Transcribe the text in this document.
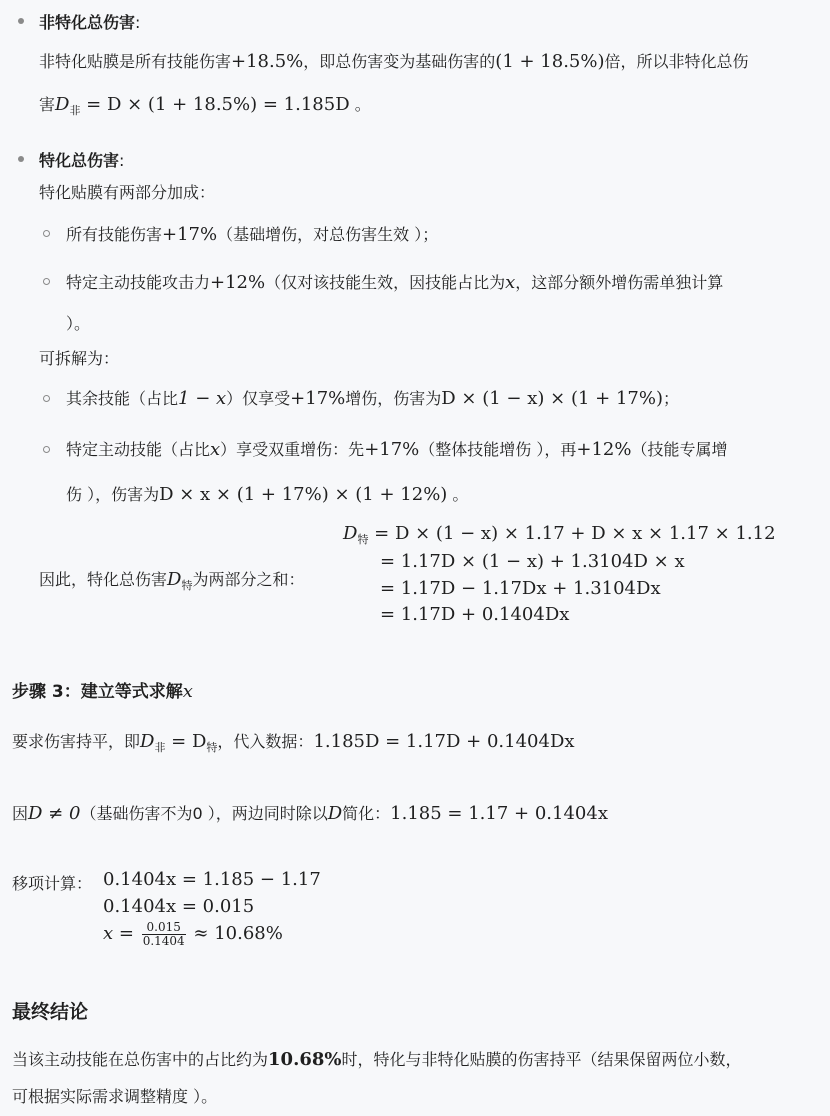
非特化总伤害:
非特化贴膜是所有技能伤害+18.5%，即总伤害变为基础伤害的(1 + 18.5%)倍，所以非特化总伤
害$D_非 = D \times (1 + 18.5\%) = 1.185D$ 。
特化总伤害:
特化贴膜有两部分加成：
所有技能伤害+17%（基础增伤，对总伤害生效 ）；
特定主动技能攻击力+12%（仅对该技能生效，因技能占比为x，这部分额外增伤需单独计算
）。
可拆解为：
其余技能（占比1 − x）仅享受+17%增伤，伤害为D × (1 − x) × (1 + 17%)；
特定主动技能（占比x）享受双重增伤：先+17%（整体技能增伤 ），再+12%（技能专属增
伤 ），伤害为D × x × (1 + 17%) × (1 + 12%) 。
因此，特化总伤害$D_特$为两部分之和：
$D_特 = D \times (1 - x) \times 1.17 + D \times x \times 1.17 \times 1.12$
= 1.17D × (1 − x) + 1.3104D × x
= 1.17D − 1.17Dx + 1.3104Dx
= 1.17D + 0.1404Dx
步骤 3：建立等式求解x
要求伤害持平，即$D_非 = D_特$，代入数据：1.185D = 1.17D + 0.1404Dx
因D ≠ 0（基础伤害不为0 ），两边同时除以D简化：1.185 = 1.17 + 0.1404x
移项计算： 0.1404x = 1.185 − 1.17
0.1404x = 0.015
$x = \frac{0.015}{0.1404} \approx 10.68\%$
最终结论
当该主动技能在总伤害中的占比约为10.68%时，特化与非特化贴膜的伤害持平（结果保留两位小数，
可根据实际需求调整精度 ）。
